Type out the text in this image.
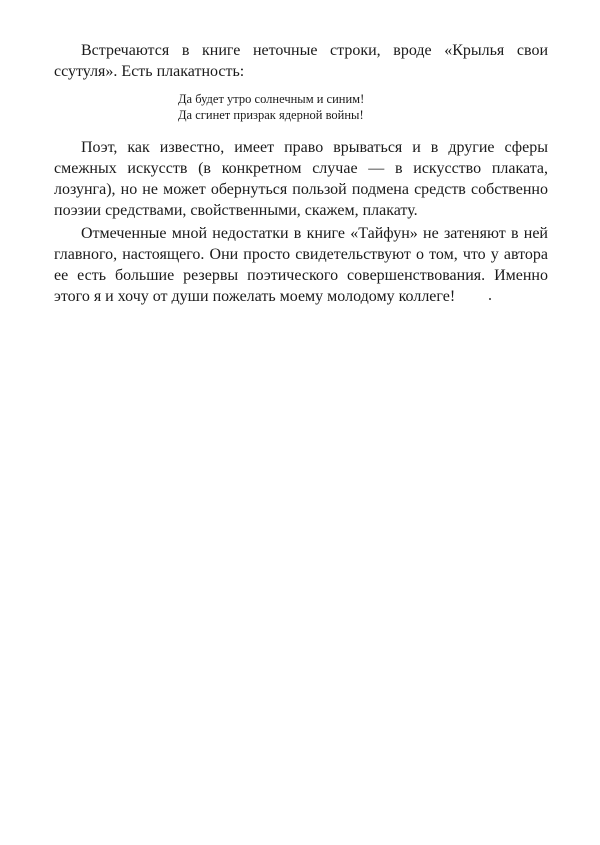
Встречаются в книге неточные строки, вроде «Крылья свои ссутуля». Есть плакатность:

Да будет утро солнечным и синим!
Да сгинет призрак ядерной войны!

Поэт, как известно, имеет право врываться и в другие сферы смежных искусств (в конкретном случае — в искусство плаката, лозунга), но не может обернуться пользой подмена средств собственно поэзии средствами, свойственными, скажем, плакату.

Отмеченные мной недостатки в книге «Тайфун» не затеняют в ней главного, настоящего. Они просто свидетельствуют о том, что у автора ее есть большие резервы поэтического совершенствования. Именно этого я и хочу от души пожелать моему молодому коллеге!
